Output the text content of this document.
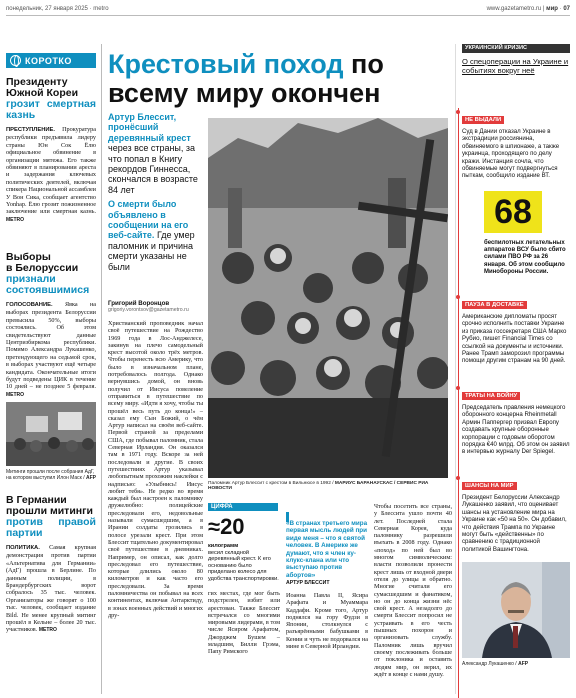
понедельник, 27 января 2025 · metro	www.gazetametro.ru | мир · 07
КОРОТКО
Президенту
Южной Кореи
грозит смертная казнь
ПРЕСТУПЛЕНИЕ. Прокуратура республики предъявила лидеру страны Юн Сок Ёлю официальное обвинение в организации мятежа. Его также обвиняют в планировании ареста и задержания ключевых политических деятелей, включая спикера Национальной ассамблеи У Вон Сика, сообщает агентство Yonhap. Ёлю грозит пожизненное заключение или смертная казнь. METRO
Выборы
в Белоруссии
признали состоявшимися
ГОЛОСОВАНИЕ. Явка на выборах президента Белоруссии превысила 50%, выборы состоялись. Об этом свидетельствуют данные Центризбиркома республики. Помимо Александра Лукашенко, претендующего на седьмой срок, в выборах участвуют ещё четыре кандидата. Окончательные итоги будут подведены ЦИК в течение 10 дней – не позднее 5 февраля. METRO
Митинги прошли после собрания АдГ, на котором выступил Илон Маск / AFP
В Германии
прошли митинги
против правой партии
ПОЛИТИКА. Самая крупная демонстрация против партии «Альтернатива для Германии» (АдГ) прошла в Берлине. По данным полиции, в Брандербургских ворот собралось 35 тыс. человек. Организаторы же говорят о 100 тыс. человек, сообщает издание Bild. Не менее крупный митинг прошёл в Кельне – более 20 тыс. участников. METRO
Крестовый поход по всему миру окончен
Артур Блессит, пронёсший деревянный крест через все страны, за что попал в Книгу рекордов Гиннесса, скончался в возрасте 84 лет
О смерти было объявлено в сообщении на его веб-сайте. Где умер паломник и причина смерти указаны не были
Григорий Воронцов
grigoriy.vorontsov@gazetametro.ru
Христианский проповедник начал своё путешествие на Рождество 1969 года в Лос-Анджелесе, закинув на плечо самодельный крест высотой около трёх метров. Чтобы перенесть всю Америку, что было в изначальном плане, потребовалось полгода. Однако вернувшись домой, он вновь получил от Иисуса повеление отправиться в путешествие по всему миру. «Идти я хочу, чтобы ты прошёл весь путь до конца!» – сказал ему Сын Божий, о чём Артур написал на своём веб-сайте. Первой страной за пределами США, где побывал паломник, стала Северная Ирландия. Он оказался там в 1971 году. Вскоре за ней последовали и другие. В своих путешествиях Артур указывал любопытным прохожим наклейки с надписью: «Улыбнись! Иисус любит тебя». Не редко во время каждый был настроен к паломнику дружелюбно: полицейские преследовали его, недовольные называли сумасшедшим, а в Ирании солдаты грозились в полосе урезали крест. При этом Блессит тщательно документировал своё путешествие в дневниках. Например, он описал, как долго преследовал его путешествие, которые длились около 80 километров и как часто его преследовали. За время паломничества он побывал на всех континентах, включая Антарктиду, в зонах военных действий и многих дру-
Паломник Артур Блессит с крестом в Вильнюсе в 1992 / МАРИУС БАРАНАУСКАС / СЕРВИС РИА НОВОСТИ
ЦИФРА
≈20
килограмм
весил складной деревянный крест. К его основанию было приделано колесо для удобства транспортировки.
гих местах, где мог быть подстрелен, избит или арестован. Также Блессит встречался со многими мировыми лидерами, в том числе Ясиром Арафатом, Джорджем Бушем – младшим, Билли Грэма, Папу Римского
«В странах третьего мира первая мысль людей при виде меня – что я святой человек. В Америке же думают, что я член ку-клукс-клана или что выступаю против абортов»
АРТУР БЛЕССИТ
Иоанна Павла II, Ясира Арафата и Муаммара Каддафи. Кроме того, Артур поднялся на гору Фудзи в Японии, столкнулся с разъярёнными бабушками в Кении и чуть не подорвался на мине в Северной Ирландии.
Чтобы посетить все страны, у Блессита ушло почти 40 лет. Последней стала Северная Корея, куда паломнику разрешили въехать в 2008 году. Однако «поход» по ней был во многом символическим: власти позволили пронести крест лишь от входной двери отеля до улицы и обратно. Многие считали его сумасшедшим и фанатиком, но он до конца жизни нёс свой крест. А незадолго до смерти Блессит попросил не устраивать в его честь пышных похорон и организовать службу. Паломник лишь вручил своему послеживать больше от поклоника и оставить людям мир, он верил, их ждёт в конце с нами душу.
УКРАИНСКИЙ КРИЗИС
О спецоперации на Украине и событиях вокруг неё
НЕ ВЫДАЛИ
Суд в Дании отказал Украине в экстрадиции россиянина, обвиняемого в шпионаже, а также украинца, проходящего по делу кражи. Инстанция сочла, что обвиняемые могут подвергнуться пыткам, сообщило издание ВТ.
68
беспилотных летательных аппаратов ВСУ было сбито силами ПВО РФ за 26 января. Об этом сообщило Минобороны России.
ПАУЗА В ДОСТАВКЕ
Американские дипломаты просят срочно исполнить поставки Украине из приказа госсекретаря США Марко Рубио, пишет Financial Times со ссылкой на документы и источники. Ранее Трамп заморозил программы помощи другим странам на 90 дней.
ТРАТЫ НА ВОЙНУ
Председатель правления немецкого оборонного концерна Rheinmetall Армин Паппергер призвал Европу создавать крупные оборонные корпорации с годовым оборотом порядка €40 млрд. Об этом он заявил в интервью журналу Der Spiegel.
ШАНСЫ НА МИР
Президент Белоруссии Александр Лукашенко заявил, что оценивает шансы на установление мира на Украине как «50 на 50». Он добавил, что действия Трампа по Украине могут быть «действенны» по сравнению с традиционной политикой Вашингтона.
Александр Лукашенко / AFP
